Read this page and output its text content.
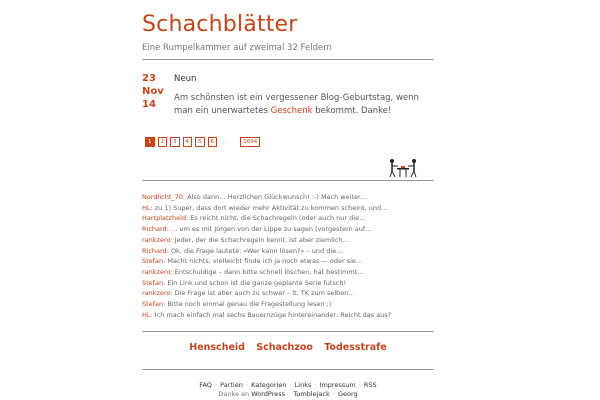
Schachblätter
Eine Rumpelkammer auf zweimal 32 Feldern
23
Nov
14
Neun
Am schönsten ist ein vergessener Blog-Geburtstag, wenn man ein unerwartetes Geschenk bekommt. Danke!
1	2	3	4	5	6	...	1694
Nordlicht_70: Also dann… Herzlichen Glückwunsch! :-) Mach weiter…
HL: zu 1) Super, dass dort wieder mehr Aktivität zu kommen scheint, und…
Hartplatzheld: Es reicht nicht, die Schachregeln (oder auch nur die…
Richard: … um es mit Jürgen von der Lippe zu sagen (vorgestern auf…
rankzero: Jeder, der die Schachregeln kennt, ist aber ziemlich…
Richard: Ok, die Frage lautete: »Wer kann lösen?« – und die…
Stefan: Macht nichts, vielleicht finde ich ja noch etwas — oder sie…
rankzero: Entschuldige – dann bitte schnell löschen, hat bestimmt…
Stefan: Ein Link und schon ist die ganze geplante Serie futsch!
rankzero: Die Frage ist aber auch zu schwer – lt. TK zum selben…
Stefan: Bitte noch einmal genau die Fragestellung lesen ;)
HL: Ich mach einfach mal sechs Bauernzüge hintereinander: Reicht das aus?
Henscheid Schachzoo Todesstrafe
FAQ · Partien · Kategorien · Links · Impressum · RSS
Danke an WordPress · Tumblejack · Georg
